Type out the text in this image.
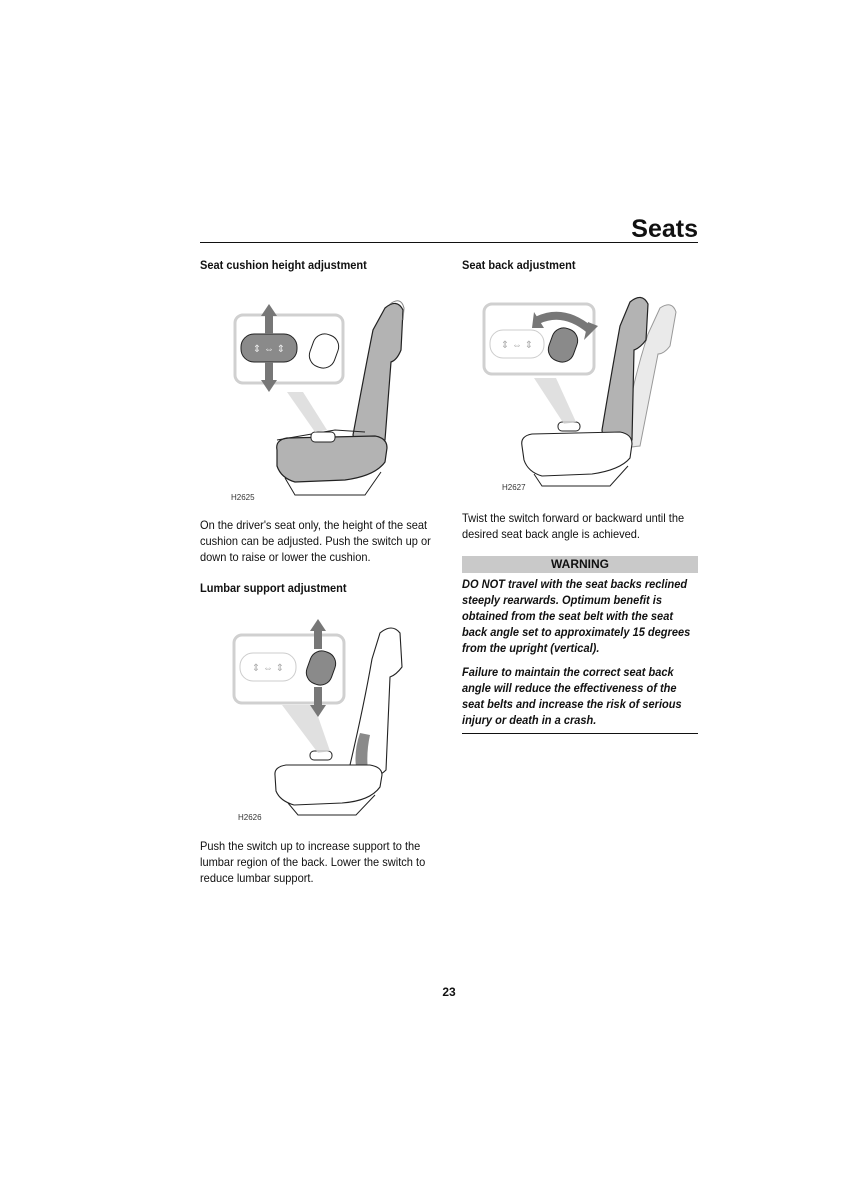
Seats
Seat cushion height adjustment
⇕ ⇔ ⇕
H2625
On the driver's seat only, the height of the seat cushion can be adjusted. Push the switch up or down to raise or lower the cushion.
Lumbar support adjustment
⇕ ⇔ ⇕
H2626
Push the switch up to increase support to the lumbar region of the back. Lower the switch to reduce lumbar support.
Seat back adjustment
⇕ ⇔ ⇕
H2627
Twist the switch forward or backward until the desired seat back angle is achieved.
WARNING
DO NOT travel with the seat backs reclined steeply rearwards. Optimum benefit is obtained from the seat belt with the seat back angle set to approximately 15 degrees from the upright (vertical).
Failure to maintain the correct seat back angle will reduce the effectiveness of the seat belts and increase the risk of serious injury or death in a crash.
23
